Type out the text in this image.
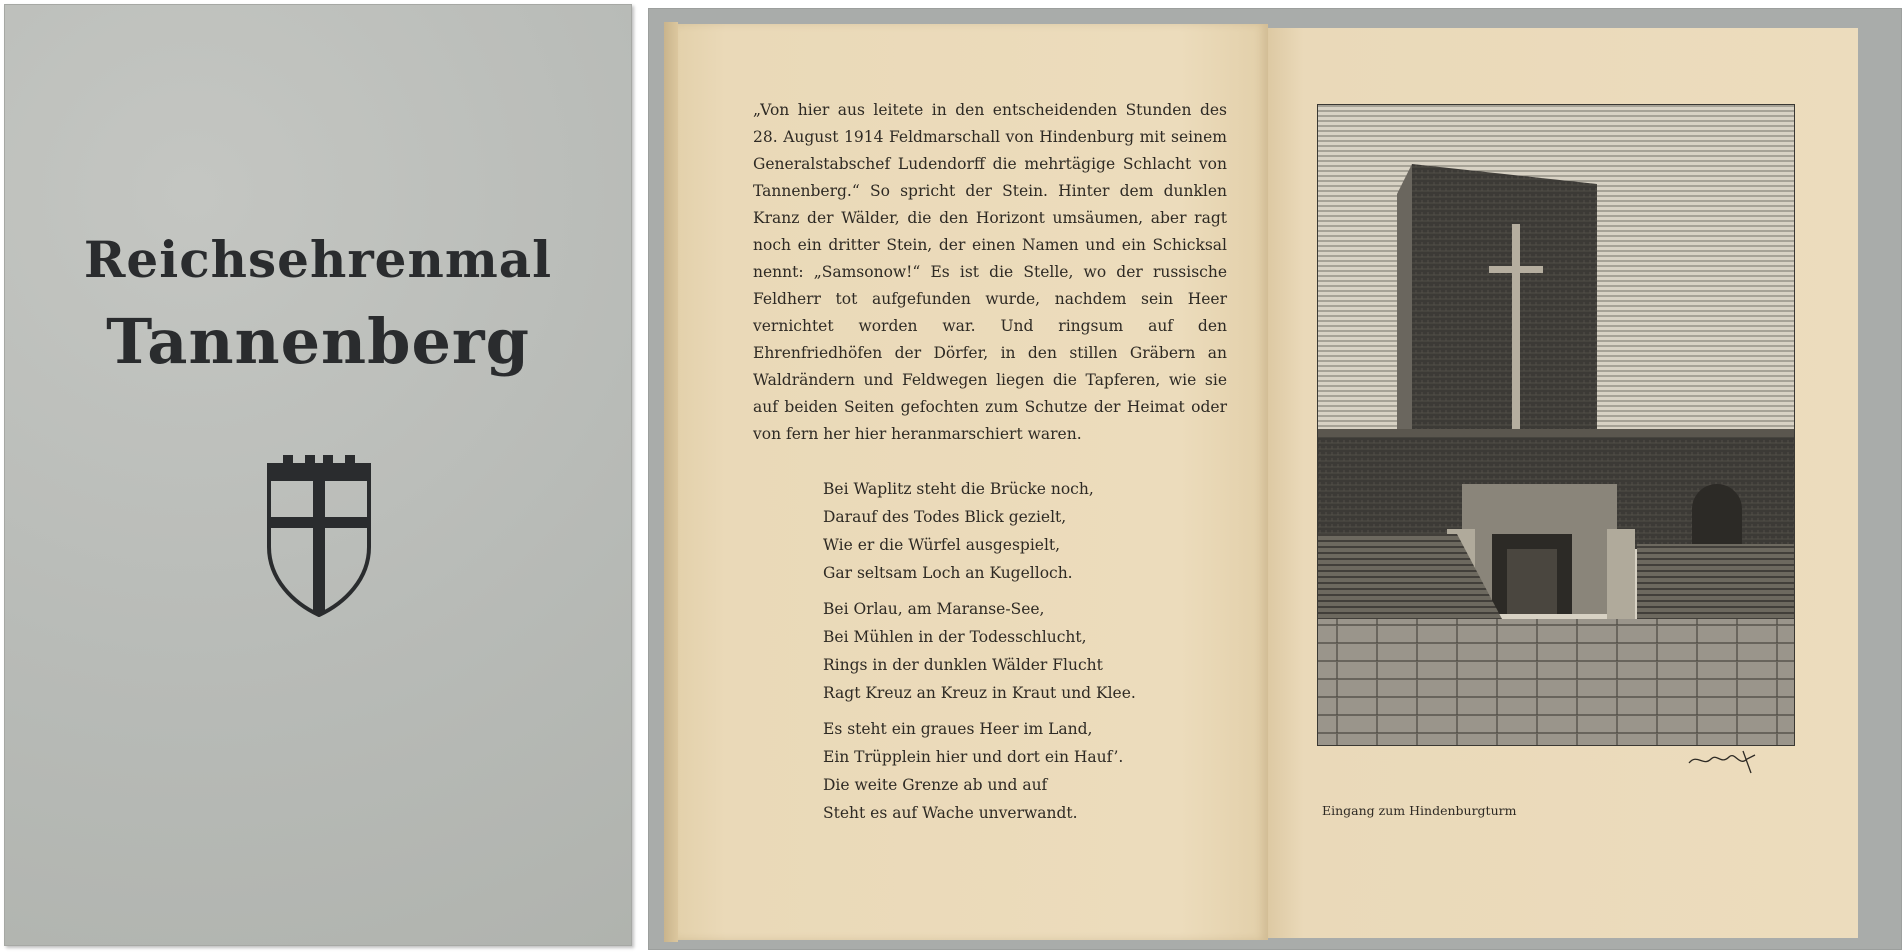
Reichsehrenmal
Tannenberg

„Von hier aus leitete in den entscheidenden Stunden des 28. August 1914 Feldmarschall von Hindenburg mit seinem Generalstabschef Ludendorff die mehrtägige Schlacht von Tannenberg.“ So spricht der Stein. Hinter dem dunklen Kranz der Wälder, die den Horizont umsäumen, aber ragt noch ein dritter Stein, der einen Namen und ein Schicksal nennt: „Samsonow!“ Es ist die Stelle, wo der russische Feldherr tot aufgefunden wurde, nachdem sein Heer vernichtet worden war. Und ringsum auf den Ehrenfriedhöfen der Dörfer, in den stillen Gräbern an Waldrändern und Feldwegen liegen die Tapferen, wie sie auf beiden Seiten gefochten zum Schutze der Heimat oder von fern her hier heranmarschiert waren.

Bei Waplitz steht die Brücke noch,
Darauf des Todes Blick gezielt,
Wie er die Würfel ausgespielt,
Gar seltsam Loch an Kugelloch.
Bei Orlau, am Maranse-See,
Bei Mühlen in der Todesschlucht,
Rings in der dunklen Wälder Flucht
Ragt Kreuz an Kreuz in Kraut und Klee.
Es steht ein graues Heer im Land,
Ein Trüpplein hier und dort ein Hauf’.
Die weite Grenze ab und auf
Steht es auf Wache unverwandt.	Eingang zum Hindenburgturm
